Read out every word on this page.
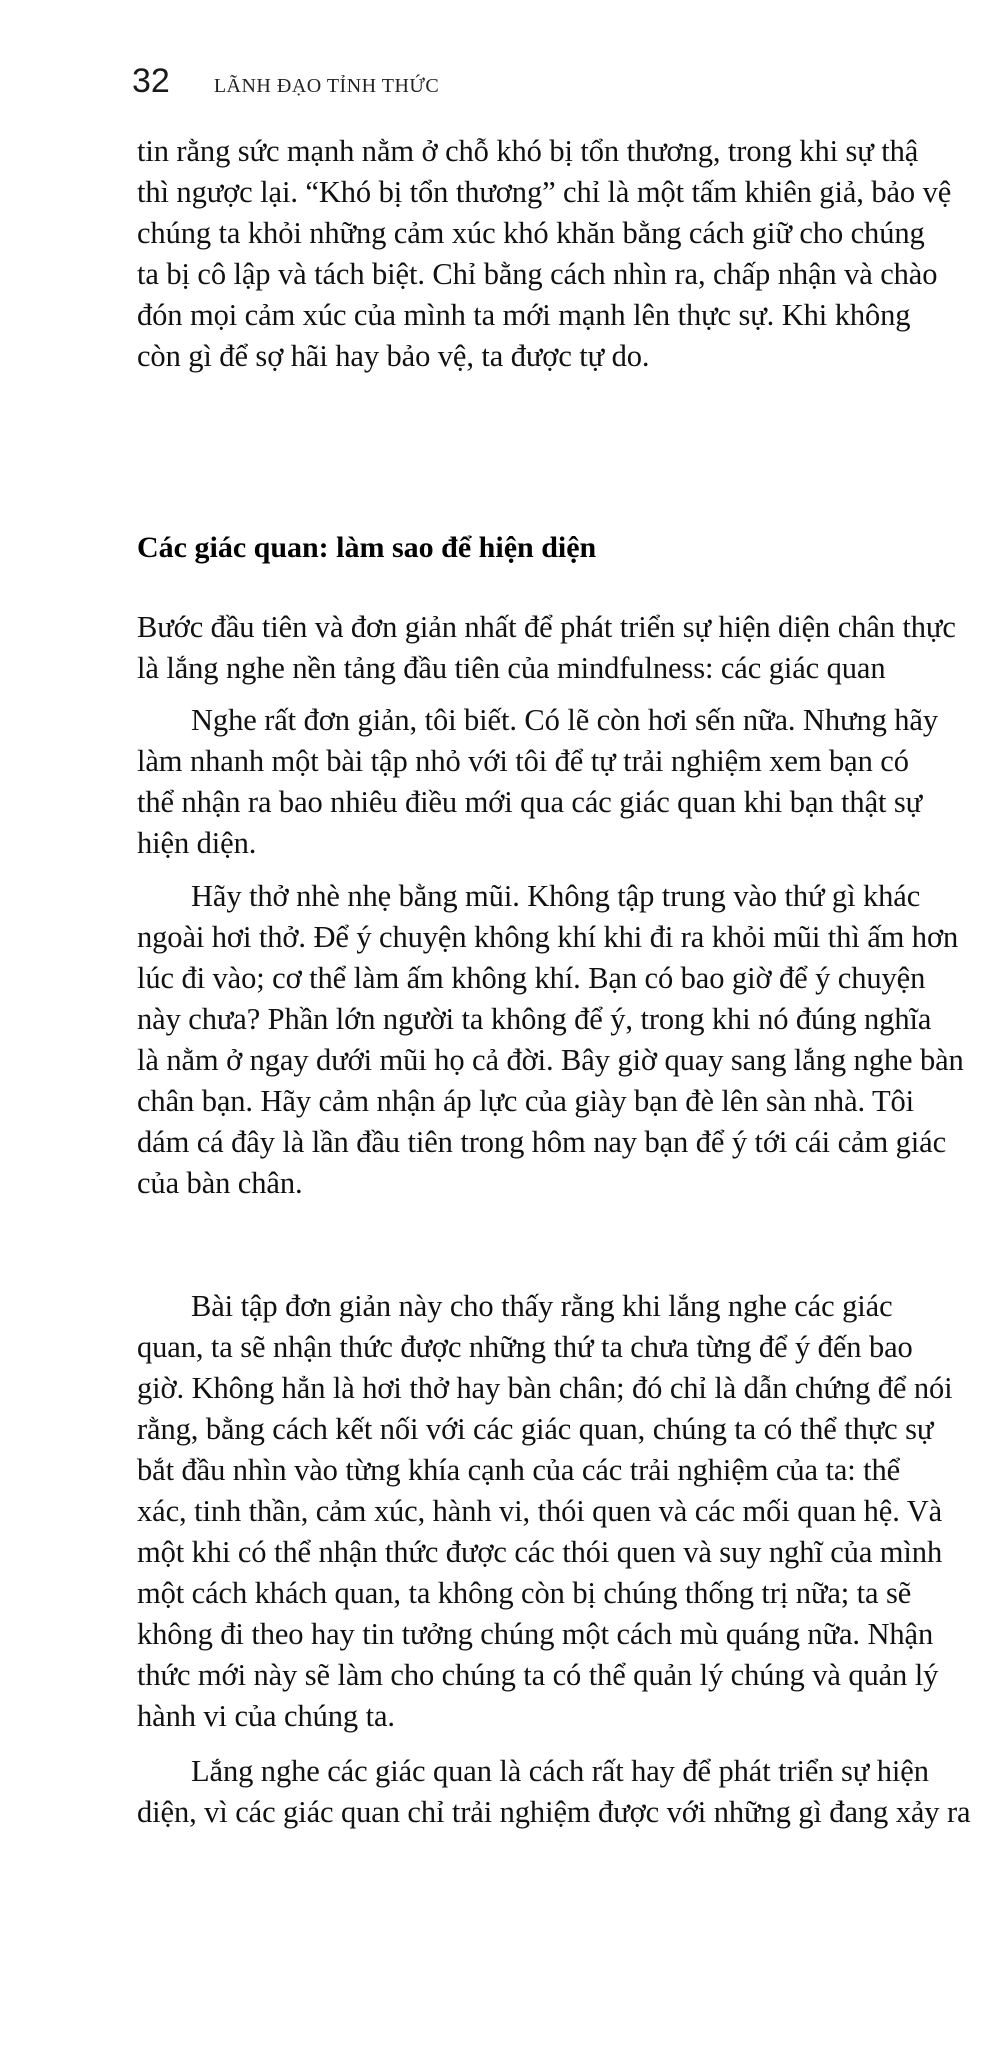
32 LÃNH ĐẠO TỈNH THỨC
tin rằng sức mạnh nằm ở chỗ khó bị tổn thương, trong khi sự thậ
thì ngược lại. “Khó bị tổn thương” chỉ là một tấm khiên giả, bảo vệ
chúng ta khỏi những cảm xúc khó khăn bằng cách giữ cho chúng
ta bị cô lập và tách biệt. Chỉ bằng cách nhìn ra, chấp nhận và chào
đón mọi cảm xúc của mình ta mới mạnh lên thực sự. Khi không
còn gì để sợ hãi hay bảo vệ, ta được tự do.
Các giác quan: làm sao để hiện diện
Bước đầu tiên và đơn giản nhất để phát triển sự hiện diện chân thực
là lắng nghe nền tảng đầu tiên của mindfulness: các giác quan
Nghe rất đơn giản, tôi biết. Có lẽ còn hơi sến nữa. Nhưng hãy
làm nhanh một bài tập nhỏ với tôi để tự trải nghiệm xem bạn có
thể nhận ra bao nhiêu điều mới qua các giác quan khi bạn thật sự
hiện diện.
Hãy thở nhè nhẹ bằng mũi. Không tập trung vào thứ gì khác
ngoài hơi thở. Để ý chuyện không khí khi đi ra khỏi mũi thì ấm hơn
lúc đi vào; cơ thể làm ấm không khí. Bạn có bao giờ để ý chuyện
này chưa? Phần lớn người ta không để ý, trong khi nó đúng nghĩa
là nằm ở ngay dưới mũi họ cả đời. Bây giờ quay sang lắng nghe bàn
chân bạn. Hãy cảm nhận áp lực của giày bạn đè lên sàn nhà. Tôi
dám cá đây là lần đầu tiên trong hôm nay bạn để ý tới cái cảm giác
của bàn chân.
Bài tập đơn giản này cho thấy rằng khi lắng nghe các giác
quan, ta sẽ nhận thức được những thứ ta chưa từng để ý đến bao
giờ. Không hẳn là hơi thở hay bàn chân; đó chỉ là dẫn chứng để nói
rằng, bằng cách kết nối với các giác quan, chúng ta có thể thực sự
bắt đầu nhìn vào từng khía cạnh của các trải nghiệm của ta: thể
xác, tinh thần, cảm xúc, hành vi, thói quen và các mối quan hệ. Và
một khi có thể nhận thức được các thói quen và suy nghĩ của mình
một cách khách quan, ta không còn bị chúng thống trị nữa; ta sẽ
không đi theo hay tin tưởng chúng một cách mù quáng nữa. Nhận
thức mới này sẽ làm cho chúng ta có thể quản lý chúng và quản lý
hành vi của chúng ta.
Lắng nghe các giác quan là cách rất hay để phát triển sự hiện
diện, vì các giác quan chỉ trải nghiệm được với những gì đang xảy ra
